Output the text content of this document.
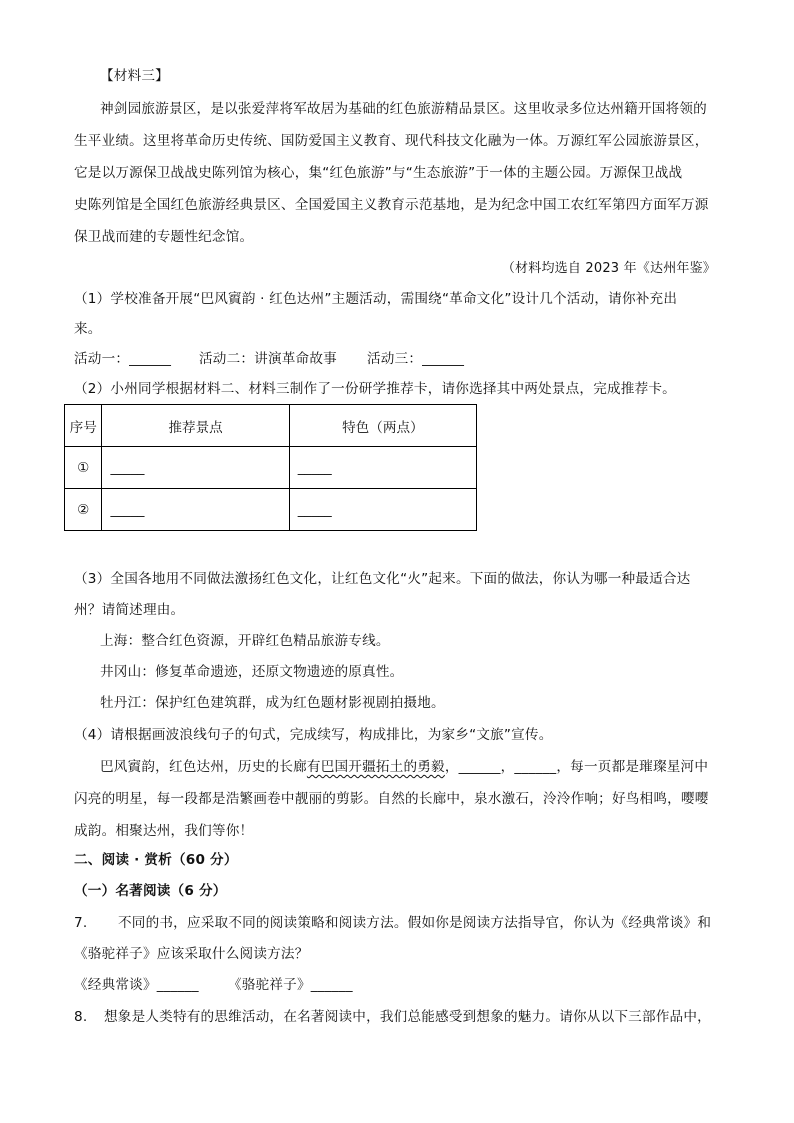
【材料三】
神剑园旅游景区，是以张爱萍将军故居为基础的红色旅游精品景区。这里收录多位达州籍开国将领的
生平业绩。这里将革命历史传统、国防爱国主义教育、现代科技文化融为一体。万源红军公园旅游景区，
它是以万源保卫战战史陈列馆为核心，集“红色旅游”与“生态旅游”于一体的主题公园。万源保卫战战
史陈列馆是全国红色旅游经典景区、全国爱国主义教育示范基地，是为纪念中国工农红军第四方面军万源
保卫战而建的专题性纪念馆。
（材料均选自 2023 年《达州年鉴》
（1）学校准备开展“巴风賨韵 · 红色达州”主题活动，需围绕“革命文化”设计几个活动，请你补充出
来。
活动一：______ 活动二：讲演革命故事 活动三：______
（2）小州同学根据材料二、材料三制作了一份研学推荐卡，请你选择其中两处景点，完成推荐卡。
序号	推荐景点	特色（两点）
①	_____	_____
②	_____	_____
（3）全国各地用不同做法激扬红色文化，让红色文化“火”起来。下面的做法，你认为哪一种最适合达
州？请简述理由。
上海：整合红色资源，开辟红色精品旅游专线。
井冈山：修复革命遗迹，还原文物遗迹的原真性。
牡丹江：保护红色建筑群，成为红色题材影视剧拍摄地。
（4）请根据画波浪线句子的句式，完成续写，构成排比，为家乡“文旅”宣传。
巴风賨韵，红色达州，历史的长廊有巴国开疆拓土的勇毅，______，______，每一页都是璀璨星河中
闪亮的明星，每一段都是浩繁画卷中靓丽的剪影。自然的长廊中，泉水激石，泠泠作响；好鸟相鸣，嘤嘤
成韵。相聚达州，我们等你！
二、阅读 · 赏析（60 分）
（一）名著阅读（6 分）
7. 不同的书，应采取不同的阅读策略和阅读方法。假如你是阅读方法指导官，你认为《经典常谈》和
《骆驼祥子》应该采取什么阅读方法？
《经典常谈》______ 《骆驼祥子》______
8. 想象是人类特有的思维活动，在名著阅读中，我们总能感受到想象的魅力。请你从以下三部作品中，
